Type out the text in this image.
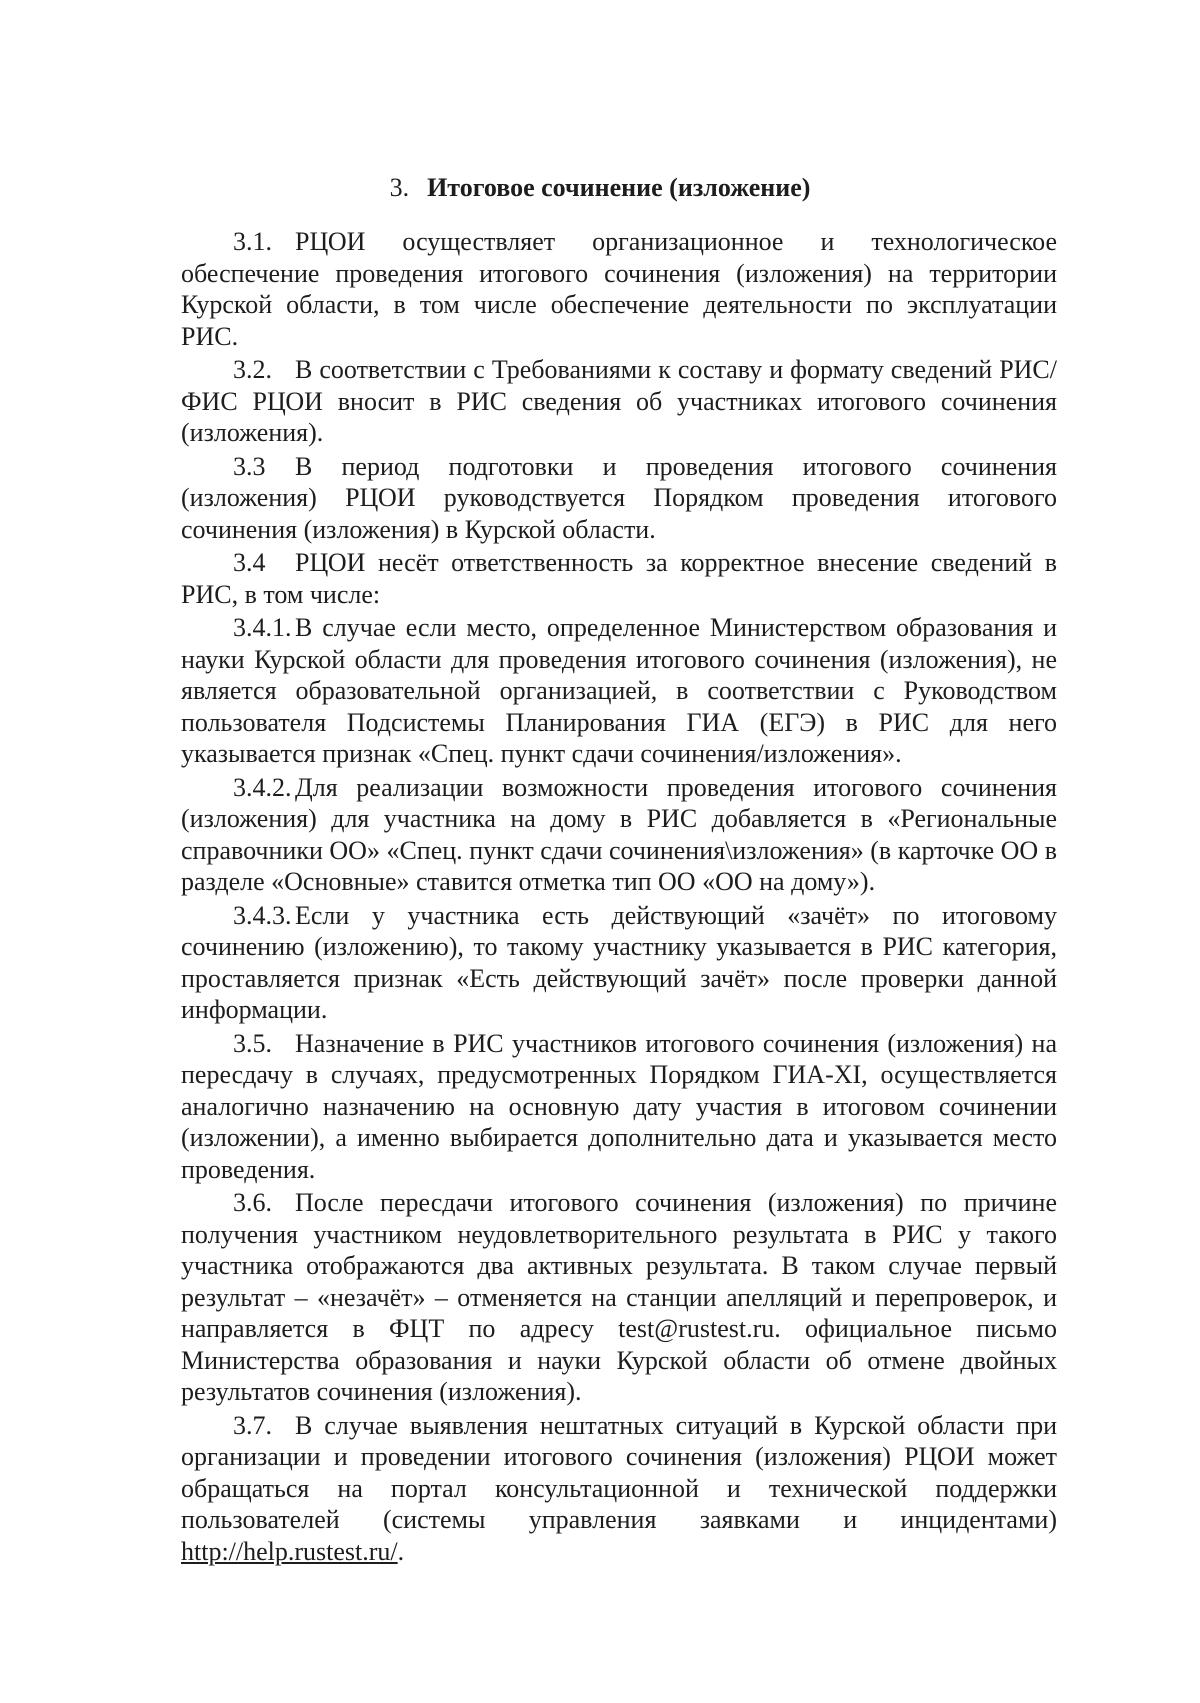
3. Итоговое сочинение (изложение)

3.1. РЦОИ осуществляет организационное и технологическое обеспечение проведения итогового сочинения (изложения) на территории Курской области, в том числе обеспечение деятельности по эксплуатации РИС.

3.2. В соответствии с Требованиями к составу и формату сведений РИС/ФИС РЦОИ вносит в РИС сведения об участниках итогового сочинения (изложения).

3.3 В период подготовки и проведения итогового сочинения (изложения) РЦОИ руководствуется Порядком проведения итогового сочинения (изложения) в Курской области.

3.4 РЦОИ несёт ответственность за корректное внесение сведений в РИС, в том числе:

3.4.1. В случае если место, определенное Министерством образования и науки Курской области для проведения итогового сочинения (изложения), не является образовательной организацией, в соответствии с Руководством пользователя Подсистемы Планирования ГИА (ЕГЭ) в РИС для него указывается признак «Спец. пункт сдачи сочинения/изложения».

3.4.2. Для реализации возможности проведения итогового сочинения (изложения) для участника на дому в РИС добавляется в «Региональные справочники ОО» «Спец. пункт сдачи сочинения\изложения» (в карточке ОО в разделе «Основные» ставится отметка тип ОО «ОО на дому»).

3.4.3. Если у участника есть действующий «зачёт» по итоговому сочинению (изложению), то такому участнику указывается в РИС категория, проставляется признак «Есть действующий зачёт» после проверки данной информации.

3.5. Назначение в РИС участников итогового сочинения (изложения) на пересдачу в случаях, предусмотренных Порядком ГИА-XI, осуществляется аналогично назначению на основную дату участия в итоговом сочинении (изложении), а именно выбирается дополнительно дата и указывается место проведения.

3.6. После пересдачи итогового сочинения (изложения) по причине получения участником неудовлетворительного результата в РИС у такого участника отображаются два активных результата. В таком случае первый результат – «незачёт» – отменяется на станции апелляций и перепроверок, и направляется в ФЦТ по адресу test@rustest.ru. официальное письмо Министерства образования и науки Курской области об отмене двойных результатов сочинения (изложения).

3.7. В случае выявления нештатных ситуаций в Курской области при организации и проведении итогового сочинения (изложения) РЦОИ может обращаться на портал консультационной и технической поддержки пользователей (системы управления заявками и инцидентами) http://help.rustest.ru/.
